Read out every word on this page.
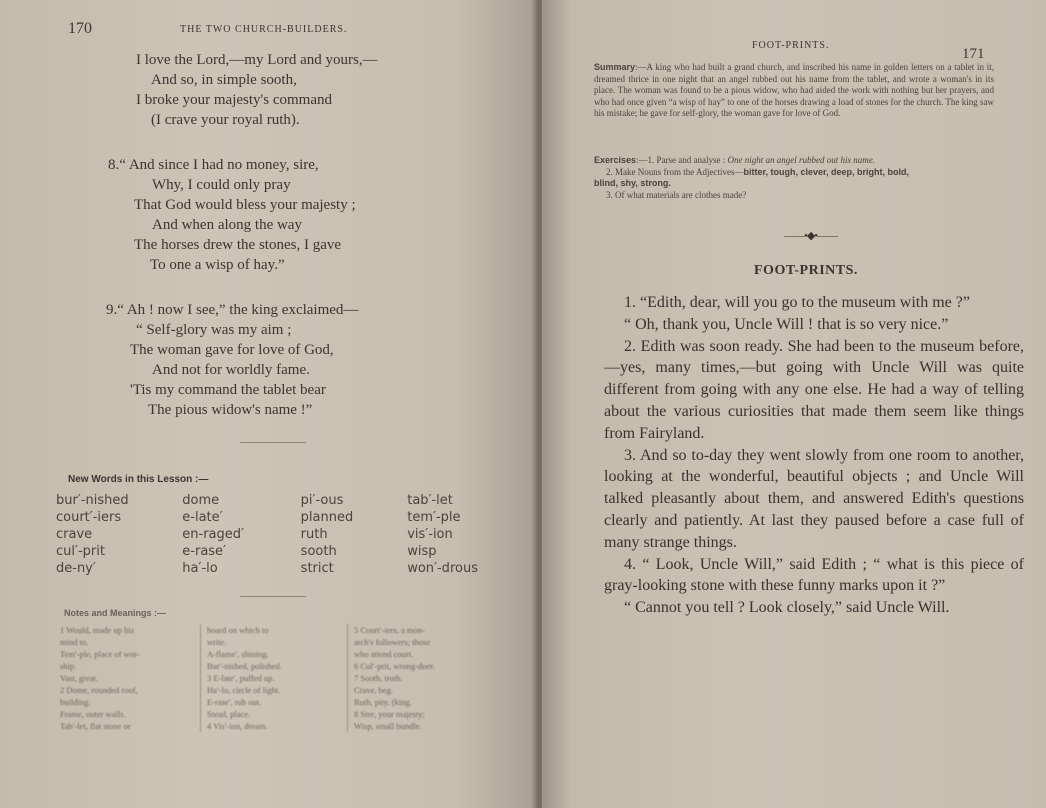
170	THE TWO CHURCH-BUILDERS.
I love the Lord,—my Lord and yours,—
And so, in simple sooth,
I broke your majesty's command
(I crave your royal ruth).
8.“ And since I had no money, sire,
Why, I could only pray
That God would bless your majesty ;
And when along the way
The horses drew the stones, I gave
To one a wisp of hay.”
9.“ Ah ! now I see,” the king exclaimed—
“ Self-glory was my aim ;
The woman gave for love of God,
And not for worldly fame.
'Tis my command the tablet bear
The pious widow's name !”
New Words in this Lesson :—
bur′-nished
court′-iers
crave
cul′-prit
de-ny′
dome
e-late′
en-raged′
e-rase′
ha′-lo
pi′-ous
planned
ruth
sooth
strict
tab′-let
tem′-ple
vis′-ion
wisp
won′-drous
Notes and Meanings :—
1 Would, made up his
mind to.
Tem′-ple, place of wor-
ship.
Vast, great.
2 Dome, rounded roof,
building.
Frame, outer walls.
Tab′-let, flat stone or
board on which to
write.
A-flame′, shining.
Bur′-nished, polished.
3 E-late′, puffed up.
Ha′-lo, circle of light.
E-rase′, rub out.
Stead, place.
4 Vis′-ion, dream.
5 Court′-iers, a mon-
arch's followers; those
who attend court.
6 Cul′-prit, wrong-doer.
7 Sooth, truth.
Crave, beg.
Ruth, pity. (king.
8 Sire, your majesty;
Wisp, small bundle.
FOOT-PRINTS.
171
Summary:—A king who had built a grand church, and inscribed his name in golden letters on a tablet in it, dreamed thrice in one night that an angel rubbed out his name from the tablet, and wrote a woman's in its place. The woman was found to be a pious widow, who had aided the work with nothing but her prayers, and who had once given “a wisp of hay” to one of the horses drawing a load of stones for the church. The king saw his mistake; he gave for self-glory, the woman gave for love of God.
Exercises:—1. Parse and analyse : One night an angel rubbed out his name.
2. Make Nouns from the Adjectives—bitter, tough, clever, deep, bright, bold,
blind, shy, strong.
3. Of what materials are clothes made?
——•◆•——
FOOT-PRINTS.

1. “Edith, dear, will you go to the museum with me ?”

“ Oh, thank you, Uncle Will ! that is so very nice.”

2. Edith was soon ready. She had been to the museum before,—yes, many times,—but going with Uncle Will was quite different from going with any one else. He had a way of telling about the various curiosities that made them seem like things from Fairyland.

3. And so to-day they went slowly from one room to another, looking at the wonderful, beautiful objects ; and Uncle Will talked pleasantly about them, and answered Edith's questions clearly and patiently. At last they paused before a case full of many strange things.

4. “ Look, Uncle Will,” said Edith ; “ what is this piece of gray-looking stone with these funny marks upon it ?”

“ Cannot you tell ? Look closely,” said Uncle Will.
